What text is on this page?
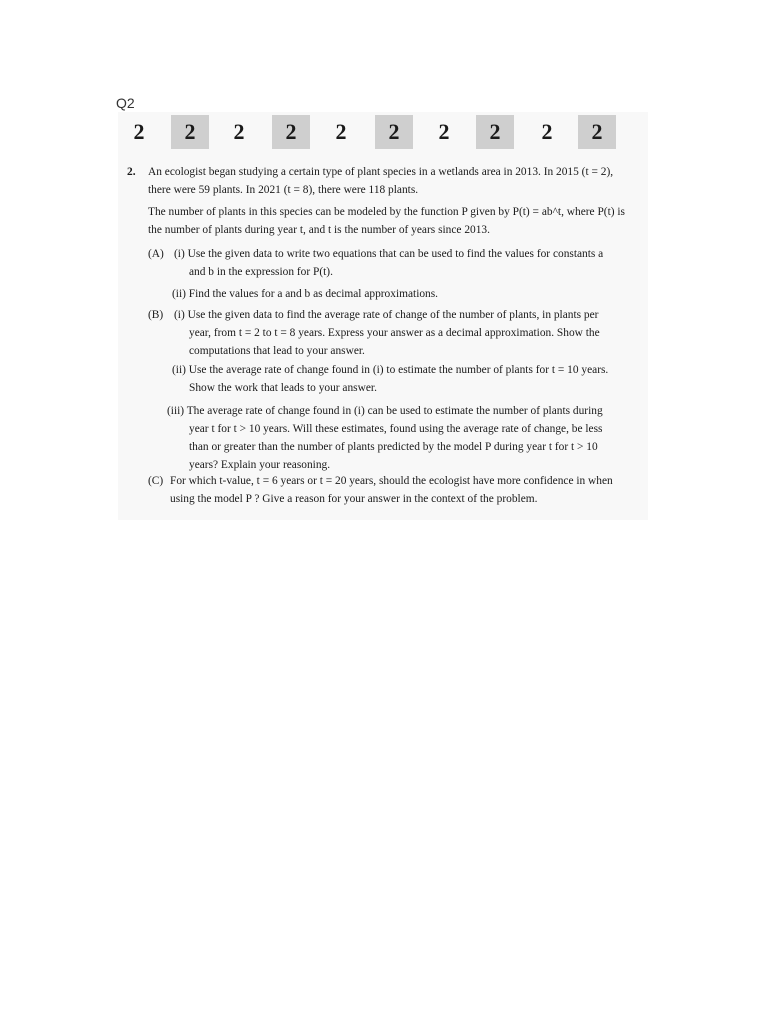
Q2
2	2	2	2	2	2	2	2	2	2
2. An ecologist began studying a certain type of plant species in a wetlands area in 2013. In 2015 (t = 2),
there were 59 plants. In 2021 (t = 8), there were 118 plants.
The number of plants in this species can be modeled by the function P given by P(t) = ab^t, where P(t) is
the number of plants during year t, and t is the number of years since 2013.
(A) (i) Use the given data to write two equations that can be used to find the values for constants a
and b in the expression for P(t).
(ii) Find the values for a and b as decimal approximations.
(B) (i) Use the given data to find the average rate of change of the number of plants, in plants per
year, from t = 2 to t = 8 years. Express your answer as a decimal approximation. Show the
computations that lead to your answer.
(ii) Use the average rate of change found in (i) to estimate the number of plants for t = 10 years.
Show the work that leads to your answer.
(iii) The average rate of change found in (i) can be used to estimate the number of plants during
year t for t > 10 years. Will these estimates, found using the average rate of change, be less
than or greater than the number of plants predicted by the model P during year t for t > 10
years? Explain your reasoning.
(C) For which t-value, t = 6 years or t = 20 years, should the ecologist have more confidence in when
using the model P ? Give a reason for your answer in the context of the problem.
